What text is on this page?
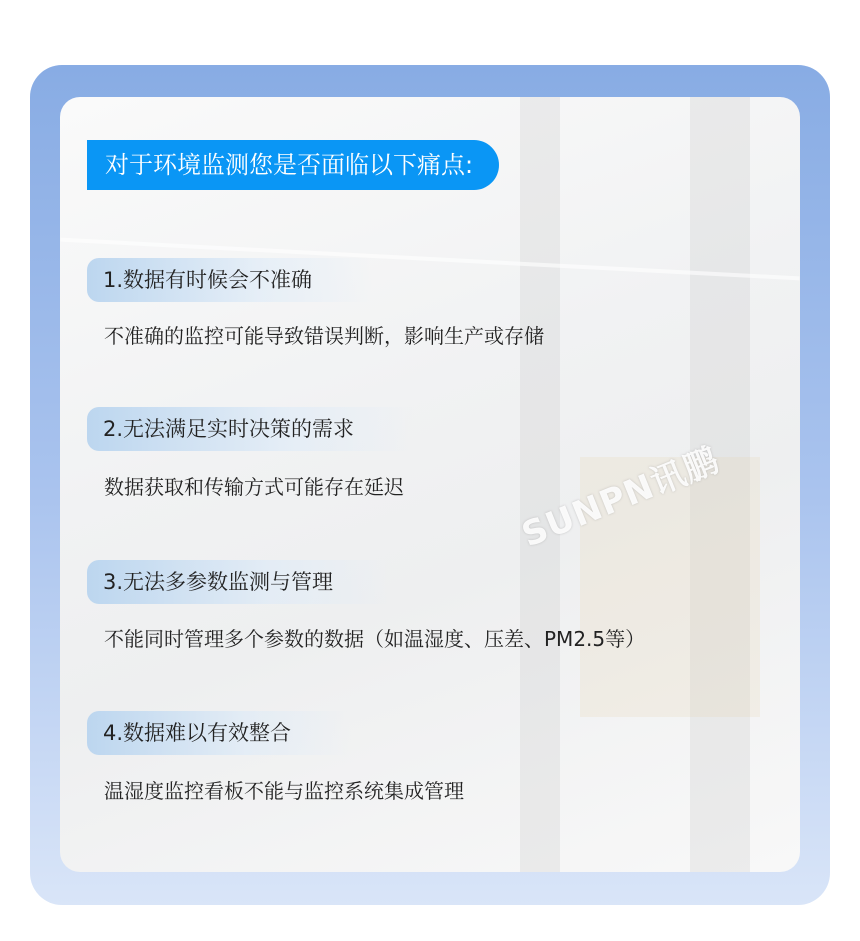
SUNPN讯鹏
对于环境监测您是否面临以下痛点:
1.数据有时候会不准确
不准确的监控可能导致错误判断，影响生产或存储
2.无法满足实时决策的需求
数据获取和传输方式可能存在延迟
3.无法多参数监测与管理
不能同时管理多个参数的数据（如温湿度、压差、PM2.5等）
4.数据难以有效整合
温湿度监控看板不能与监控系统集成管理
